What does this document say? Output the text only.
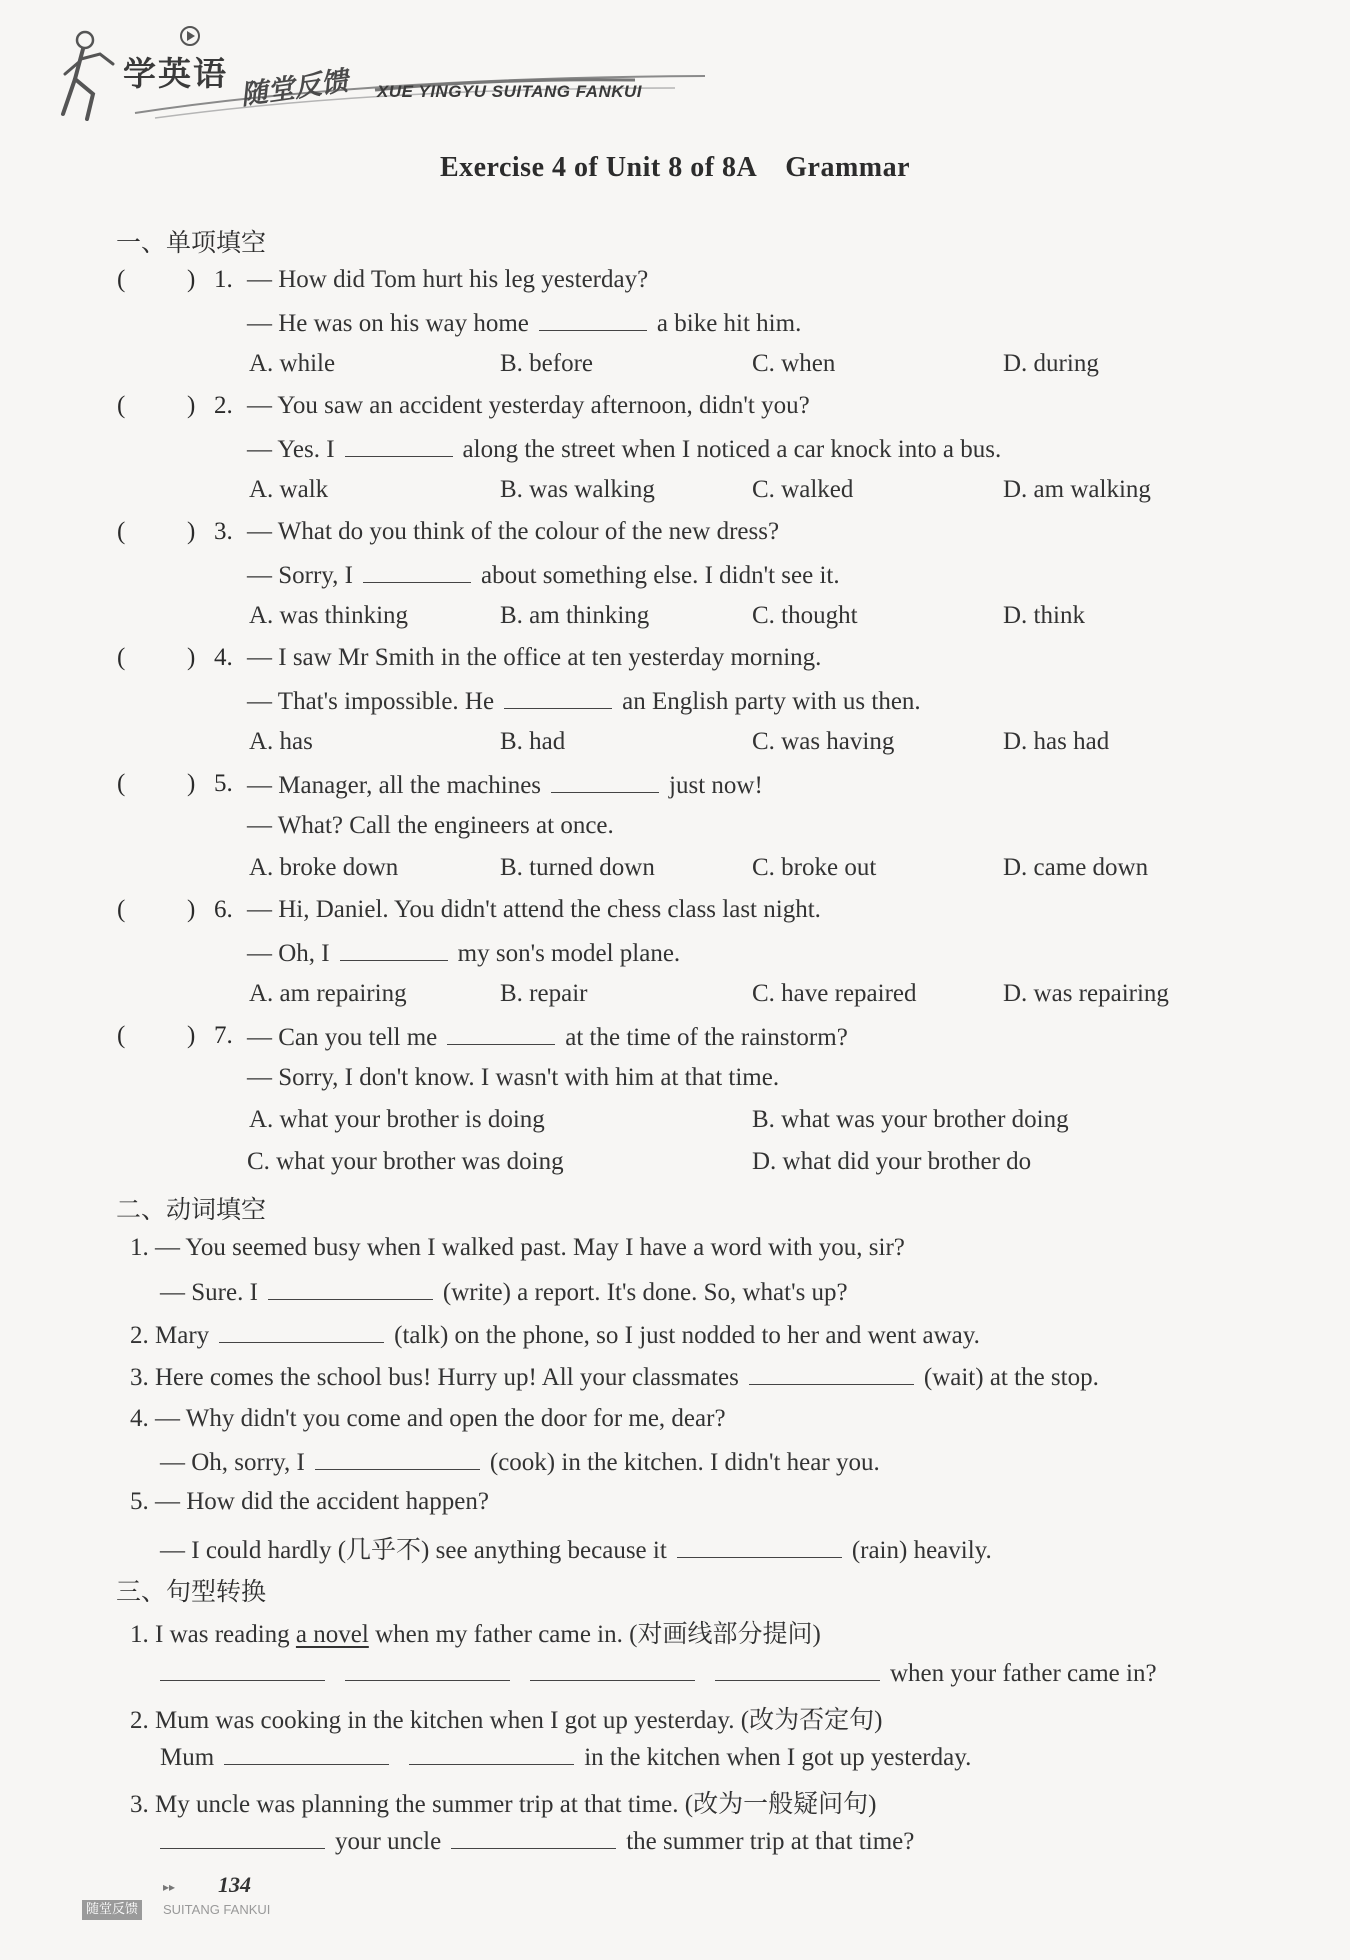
学英语 随堂反馈 XUE YINGYU SUITANG FANKUI
Exercise 4 of Unit 8 of 8A Grammar
一、单项填空
( ) 1. — How did Tom hurt his leg yesterday?
— He was on his way home	a bike hit him.
A. while	B. before	C. when	D. during
( ) 2. — You saw an accident yesterday afternoon, didn't you?
— Yes. I	along the street when I noticed a car knock into a bus.
A. walk	B. was walking	C. walked	D. am walking
( ) 3. — What do you think of the colour of the new dress?
— Sorry, I	about something else. I didn't see it.
A. was thinking	B. am thinking	C. thought	D. think
( ) 4. — I saw Mr Smith in the office at ten yesterday morning.
— That's impossible. He	an English party with us then.
A. has	B. had	C. was having	D. has had
( ) 5. — Manager, all the machines	just now!
— What? Call the engineers at once.
A. broke down	B. turned down	C. broke out	D. came down
( ) 6. — Hi, Daniel. You didn't attend the chess class last night.
— Oh, I	my son's model plane.
A. am repairing	B. repair	C. have repaired	D. was repairing
( ) 7. — Can you tell me	at the time of the rainstorm?
— Sorry, I don't know. I wasn't with him at that time.
A. what your brother is doing	B. what was your brother doing
C. what your brother was doing	D. what did your brother do
二、动词填空
1. — You seemed busy when I walked past. May I have a word with you, sir?
— Sure. I	(write) a report. It's done. So, what's up?
2. Mary	(talk) on the phone, so I just nodded to her and went away.
3. Here comes the school bus! Hurry up! All your classmates	(wait) at the stop.
4. — Why didn't you come and open the door for me, dear?
— Oh, sorry, I	(cook) in the kitchen. I didn't hear you.
5. — How did the accident happen?
— I could hardly (几乎不) see anything because it	(rain) heavily.
三、句型转换
1. I was reading a novel when my father came in. (对画线部分提问)
when your father came in?
2. Mum was cooking in the kitchen when I got up yesterday. (改为否定句)
Mum	in the kitchen when I got up yesterday.
3. My uncle was planning the summer trip at that time. (改为一般疑问句)
your uncle	the summer trip at that time?
▸▸ 134
随堂反馈	SUITANG FANKUI
